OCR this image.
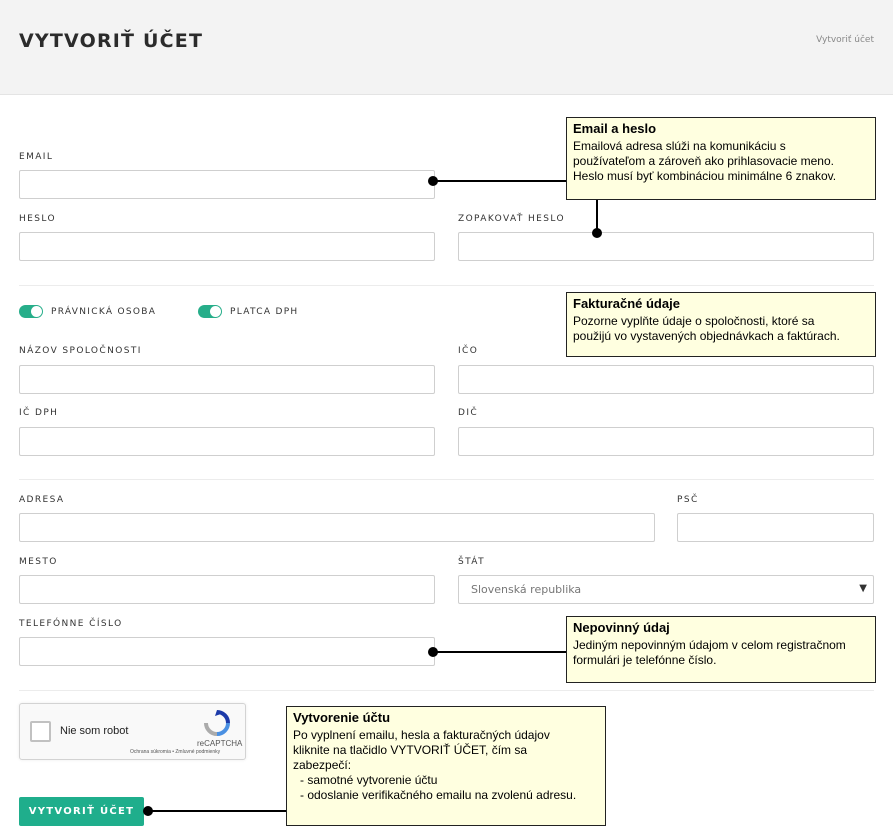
VYTVORIŤ ÚČET	Vytvoriť účet
EMAIL
HESLO	ZOPAKOVAŤ HESLO
PRÁVNICKÁ OSOBA	PLATCA DPH
NÁZOV SPOLOČNOSTI	IČO
IČ DPH	DIČ
ADRESA	PSČ
MESTO	ŠTÁT
Slovenská republika	▼
TELEFÓNNE ČÍSLO
Nie som robot
reCAPTCHA
Ochrana súkromia • Zmluvné podmienky
VYTVORIŤ ÚČET
Email a heslo
Emailová adresa slúži na komunikáciu s
používateľom a zároveň ako prihlasovacie meno.
Heslo musí byť kombináciou minimálne 6 znakov.
Fakturačné údaje
Pozorne vyplňte údaje o spoločnosti, ktoré sa
použijú vo vystavených objednávkach a faktúrach.
Nepovinný údaj
Jediným nepovinným údajom v celom registračnom
formulári je telefónne číslo.
Vytvorenie účtu
Po vyplnení emailu, hesla a fakturačných údajov
kliknite na tlačidlo VYTVORIŤ ÚČET, čím sa
zabezpečí:
- samotné vytvorenie účtu
- odoslanie verifikačného emailu na zvolenú adresu.
